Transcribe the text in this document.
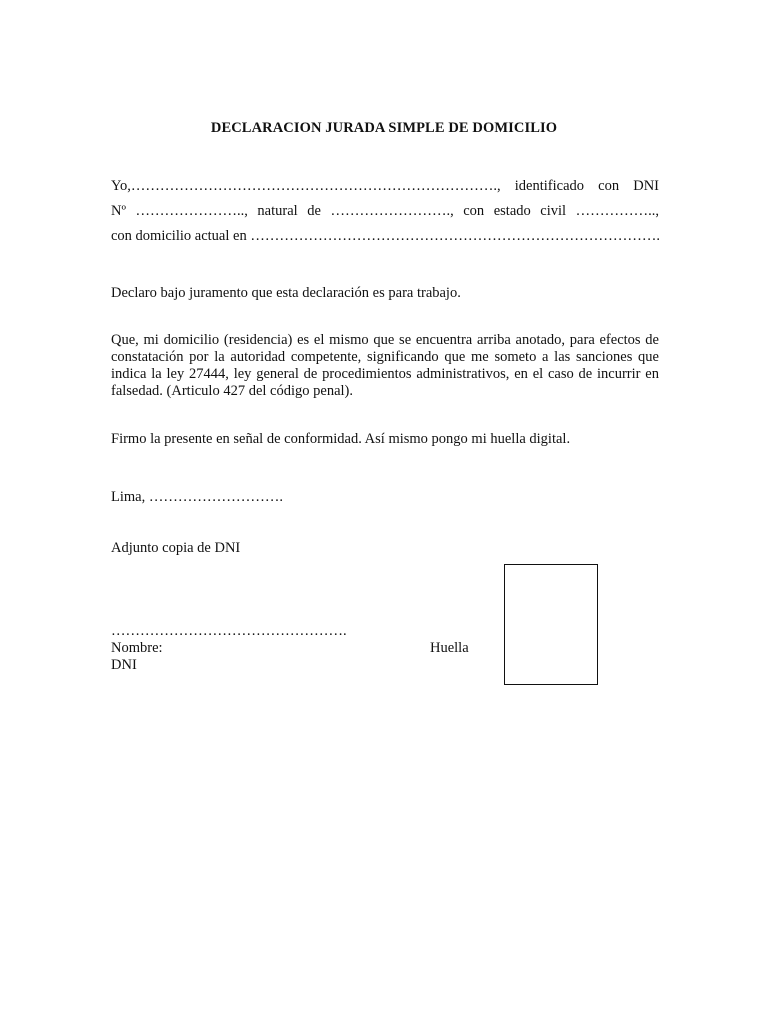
DECLARACION JURADA SIMPLE DE DOMICILIO
Yo,…………………………………………………………………., identificado con DNI
Nº ………………….., natural de ……………………., con estado civil ……………..,
con domicilio actual en ………………………………………………………………………….
Declaro bajo juramento que esta declaración es para trabajo.
Que, mi domicilio (residencia) es el mismo que se encuentra arriba anotado, para efectos de constatación por la autoridad competente, significando que me someto a las sanciones que indica la ley 27444, ley general de procedimientos administrativos, en el caso de incurrir en falsedad. (Articulo 427 del código penal).
Firmo la presente en señal de conformidad. Así mismo pongo mi huella digital.
Lima, ……………………….
Adjunto copia de DNI
………………………………………….
Nombre:
DNI
Huella
